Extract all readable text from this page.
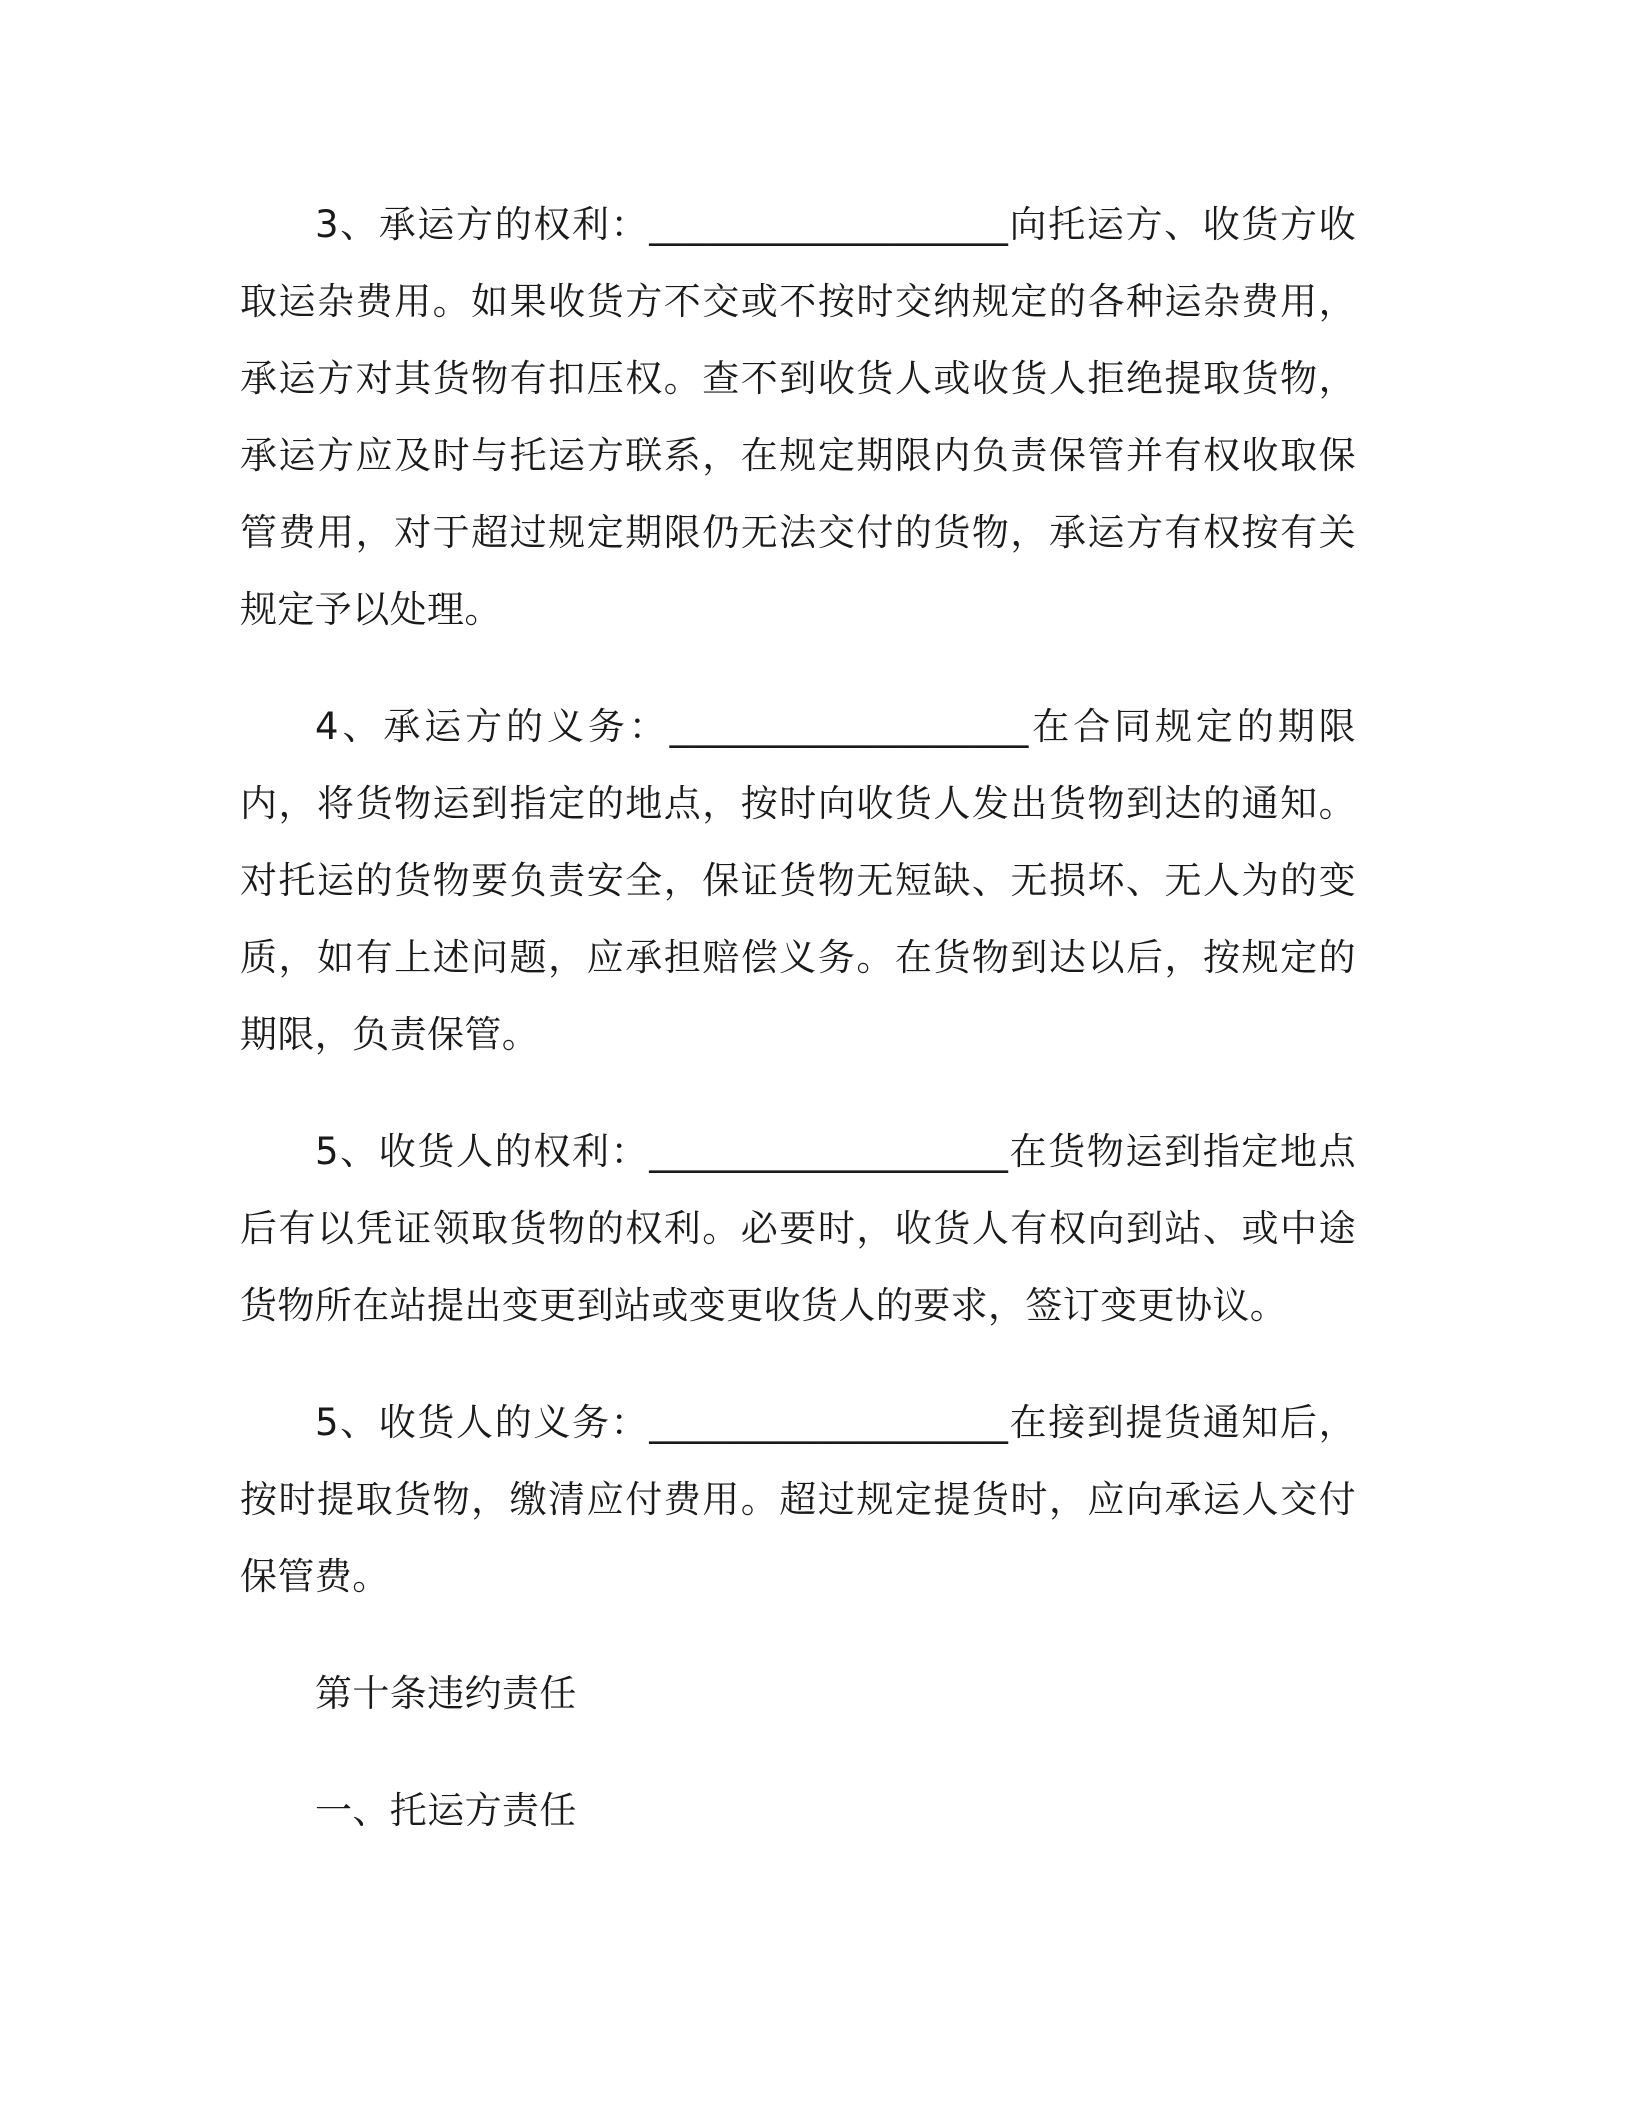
3、承运方的权利：___________________向托运方、收货方收取运杂费用。如果收货方不交或不按时交纳规定的各种运杂费用，承运方对其货物有扣压权。查不到收货人或收货人拒绝提取货物，承运方应及时与托运方联系，在规定期限内负责保管并有权收取保管费用，对于超过规定期限仍无法交付的货物，承运方有权按有关规定予以处理。

4、承运方的义务：___________________在合同规定的期限内，将货物运到指定的地点，按时向收货人发出货物到达的通知。对托运的货物要负责安全，保证货物无短缺、无损坏、无人为的变质，如有上述问题，应承担赔偿义务。在货物到达以后，按规定的期限，负责保管。

5、收货人的权利：___________________在货物运到指定地点后有以凭证领取货物的权利。必要时，收货人有权向到站、或中途货物所在站提出变更到站或变更收货人的要求，签订变更协议。

5、收货人的义务：___________________在接到提货通知后，按时提取货物，缴清应付费用。超过规定提货时，应向承运人交付保管费。

第十条违约责任

一、托运方责任
